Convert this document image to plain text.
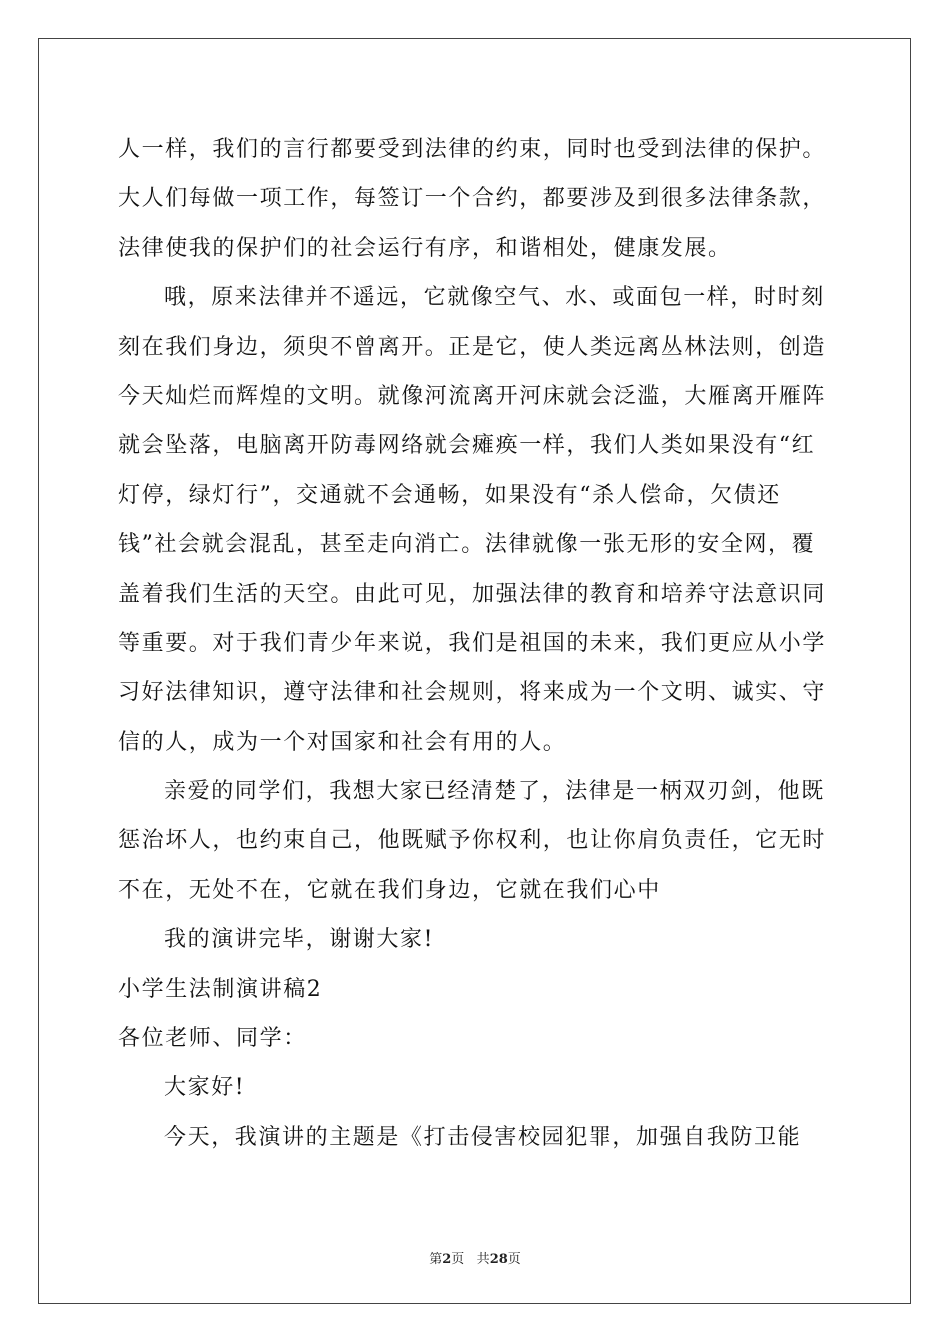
人一样，我们的言行都要受到法律的约束，同时也受到法律的保护。
大人们每做一项工作，每签订一个合约，都要涉及到很多法律条款，
法律使我的保护们的社会运行有序，和谐相处，健康发展。
哦，原来法律并不遥远，它就像空气、水、或面包一样，时时刻
刻在我们身边，须臾不曾离开。正是它，使人类远离丛林法则，创造
今天灿烂而辉煌的文明。就像河流离开河床就会泛滥，大雁离开雁阵
就会坠落，电脑离开防毒网络就会瘫痪一样，我们人类如果没有“红
灯停，绿灯行”，交通就不会通畅，如果没有“杀人偿命，欠债还
钱”社会就会混乱，甚至走向消亡。法律就像一张无形的安全网，覆
盖着我们生活的天空。由此可见，加强法律的教育和培养守法意识同
等重要。对于我们青少年来说，我们是祖国的未来，我们更应从小学
习好法律知识，遵守法律和社会规则，将来成为一个文明、诚实、守
信的人，成为一个对国家和社会有用的人。
亲爱的同学们，我想大家已经清楚了，法律是一柄双刃剑，他既
惩治坏人，也约束自己，他既赋予你权利，也让你肩负责任，它无时
不在，无处不在，它就在我们身边，它就在我们心中
我的演讲完毕，谢谢大家!
小学生法制演讲稿2
各位老师、同学：
大家好!
今天，我演讲的主题是《打击侵害校园犯罪，加强自我防卫能
第2页 共28页
